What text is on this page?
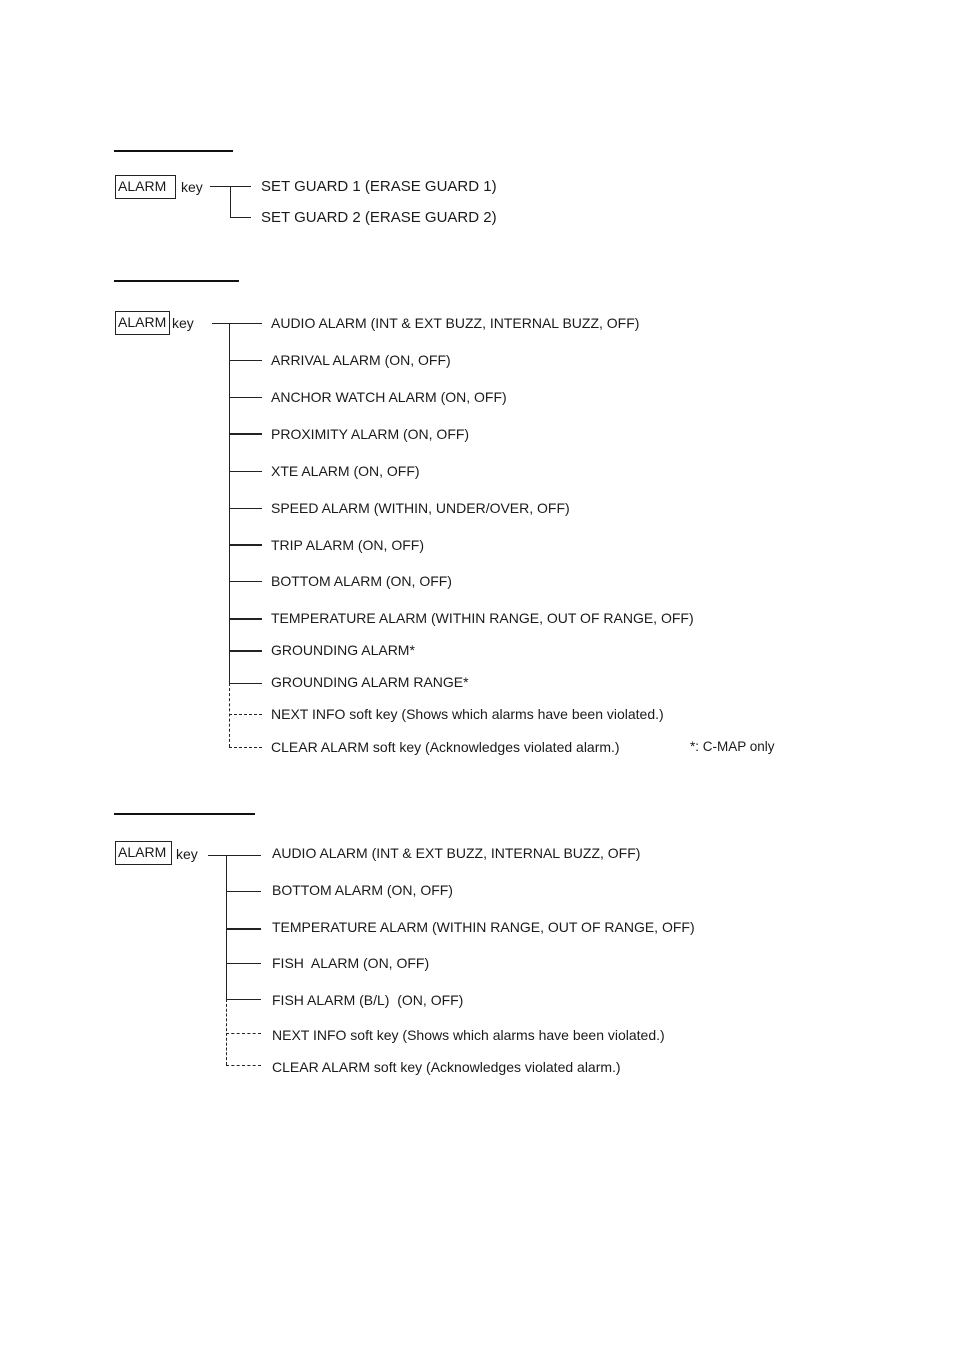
ALARM	key	SET GUARD 1 (ERASE GUARD 1)
SET GUARD 2 (ERASE GUARD 2)
ALARM key	AUDIO ALARM (INT & EXT BUZZ, INTERNAL BUZZ, OFF)
ARRIVAL ALARM (ON, OFF)
ANCHOR WATCH ALARM (ON, OFF)
PROXIMITY ALARM (ON, OFF)
XTE ALARM (ON, OFF)
SPEED ALARM (WITHIN, UNDER/OVER, OFF)
TRIP ALARM (ON, OFF)
BOTTOM ALARM (ON, OFF)
TEMPERATURE ALARM (WITHIN RANGE, OUT OF RANGE, OFF)
GROUNDING ALARM*
GROUNDING ALARM RANGE*
NEXT INFO soft key (Shows which alarms have been violated.)
CLEAR ALARM soft key (Acknowledges violated alarm.)	*: C-MAP only
ALARM key	AUDIO ALARM (INT & EXT BUZZ, INTERNAL BUZZ, OFF)
BOTTOM ALARM (ON, OFF)
TEMPERATURE ALARM (WITHIN RANGE, OUT OF RANGE, OFF)
FISH  ALARM (ON, OFF)
FISH ALARM (B/L)  (ON, OFF)
NEXT INFO soft key (Shows which alarms have been violated.)
CLEAR ALARM soft key (Acknowledges violated alarm.)
